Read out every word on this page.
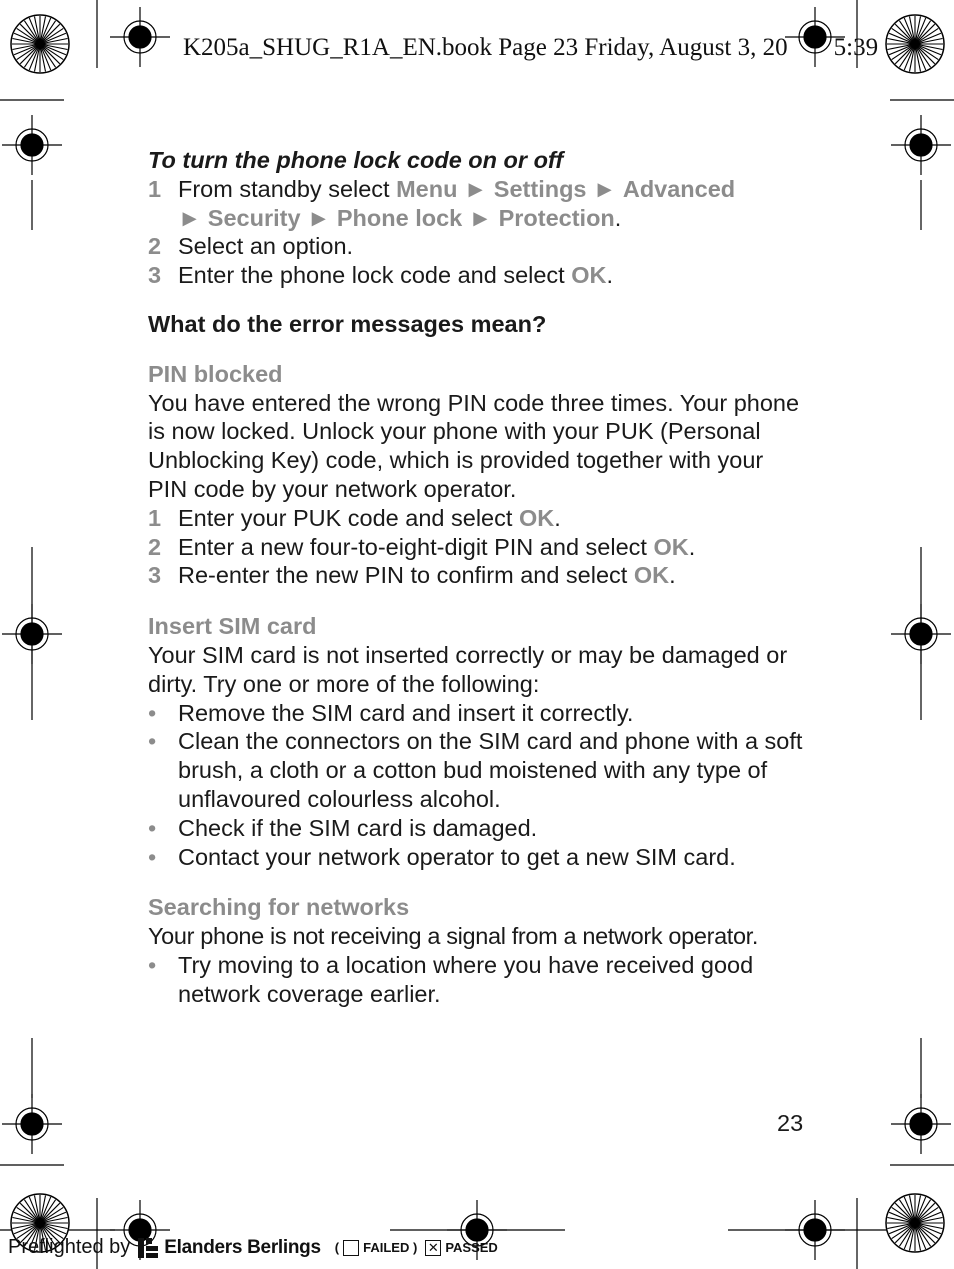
K205a_SHUG_R1A_EN.book Page 23 Friday, August 3, 20 5:39

To turn the phone lock code on or off

1 From standby select Menu ► Settings ► Advanced
► Security ► Phone lock ► Protection.
2 Select an option.
3 Enter the phone lock code and select OK.

What do the error messages mean?

PIN blocked

You have entered the wrong PIN code three times. Your phone is now locked. Unlock your phone with your PUK (Personal Unblocking Key) code, which is provided together with your PIN code by your network operator.

1 Enter your PUK code and select OK.
2 Enter a new four-to-eight-digit PIN and select OK.
3 Re-enter the new PIN to confirm and select OK.

Insert SIM card

Your SIM card is not inserted correctly or may be damaged or dirty. Try one or more of the following:

• Remove the SIM card and insert it correctly.
• Clean the connectors on the SIM card and phone with a soft brush, a cloth or a cotton bud moistened with any type of unflavoured colourless alcohol.
• Check if the SIM card is damaged.
• Contact your network operator to get a new SIM card.

Searching for networks

Your phone is not receiving a signal from a network operator.

• Try moving to a location where you have received good network coverage earlier.
23
Preflighted by Elanders Berlings ( FAILED
) ✕ PASSED
